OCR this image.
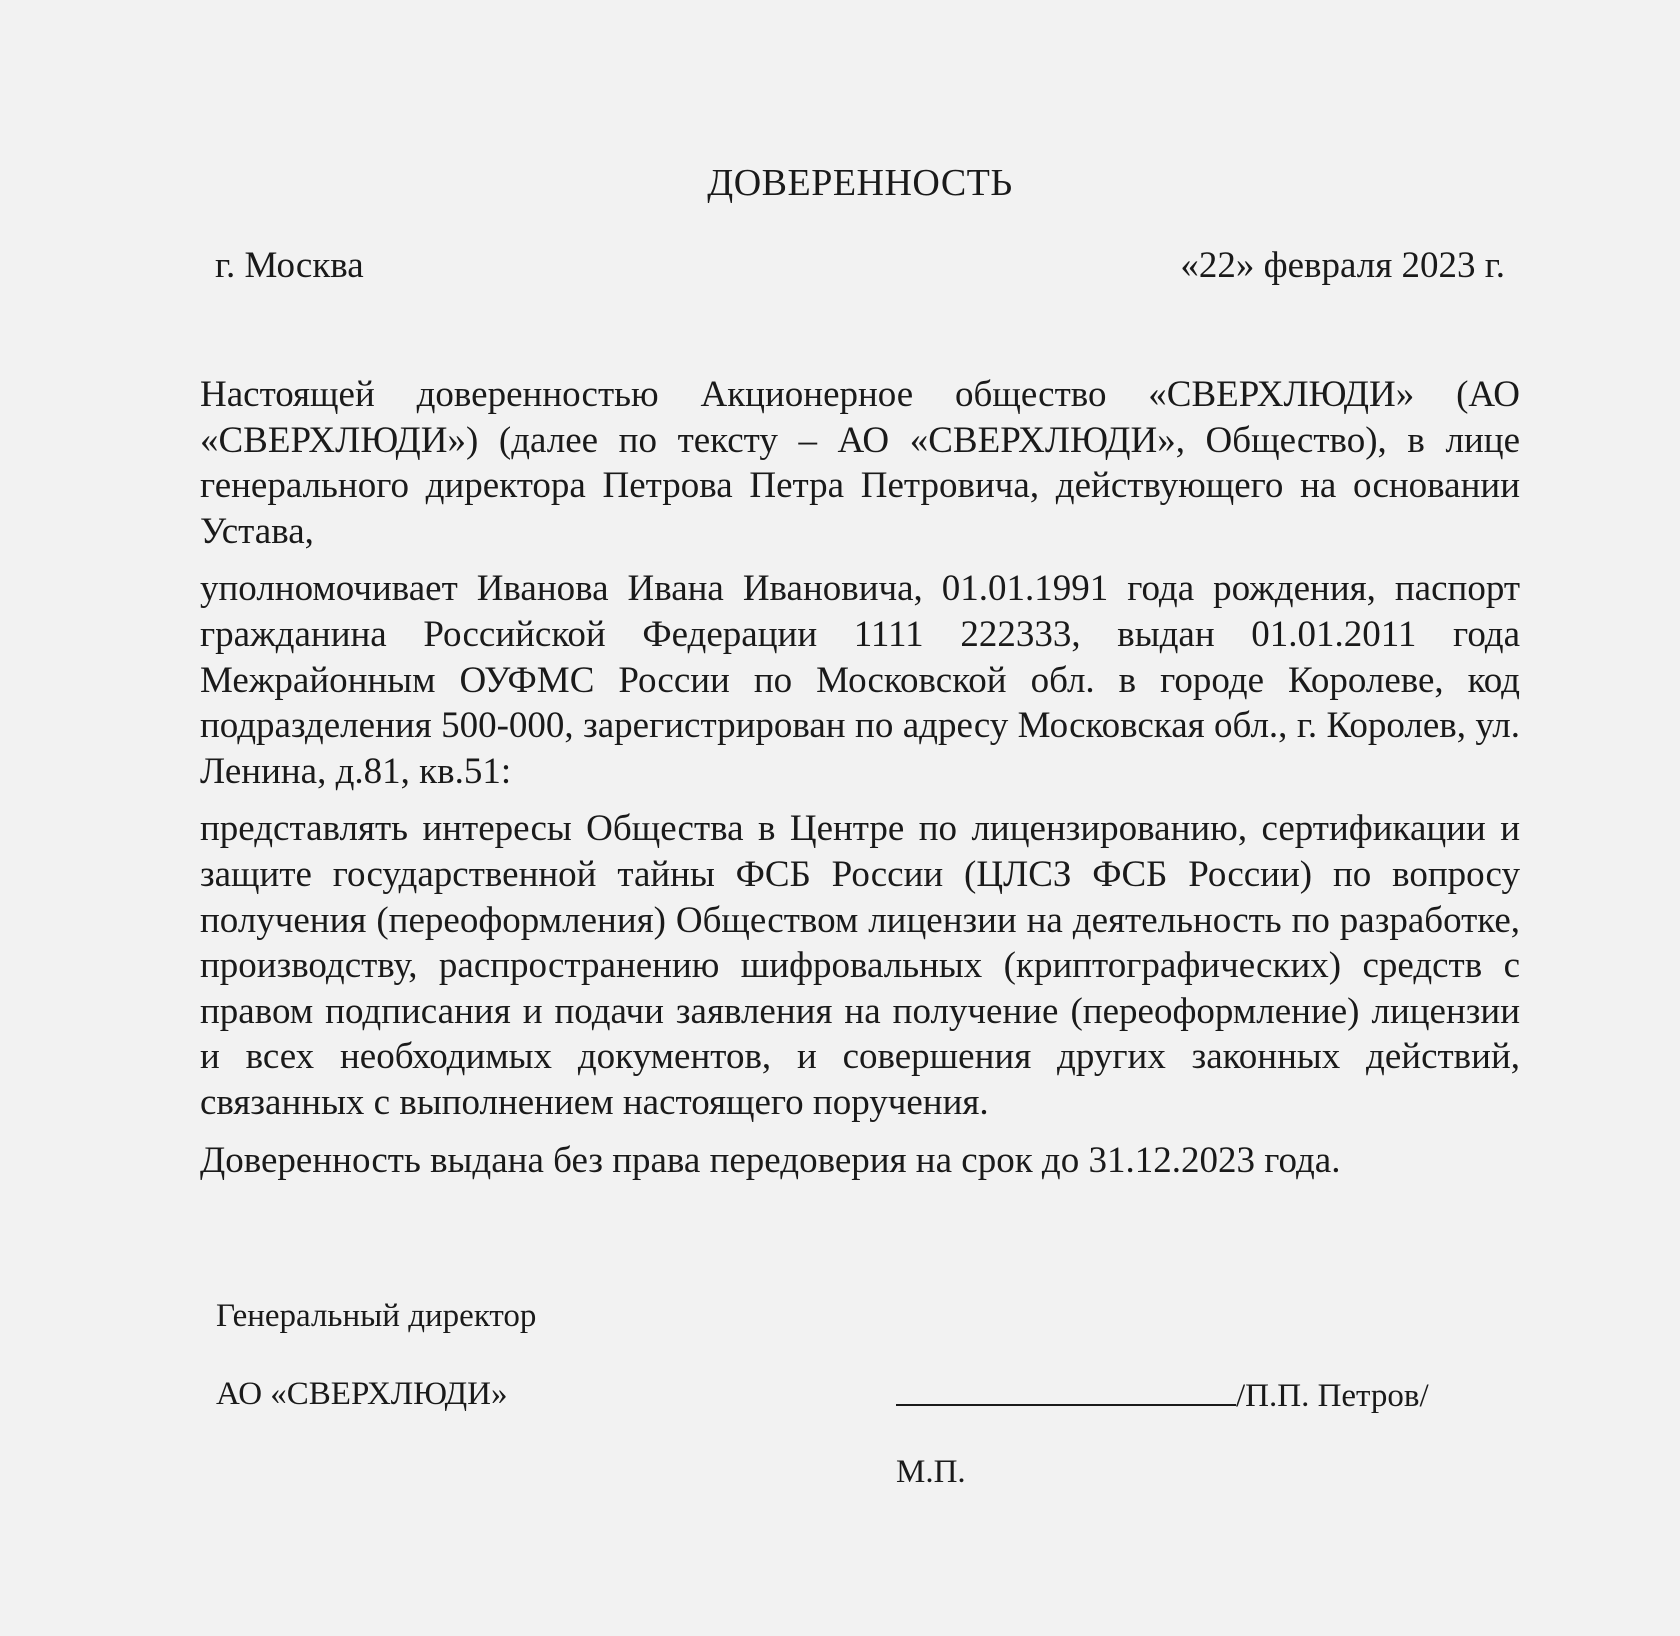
ДОВЕРЕННОСТЬ
г. Москва	«22» февраля 2023 г.

Настоящей доверенностью Акционерное общество «СВЕРХЛЮДИ» (АО «СВЕРХЛЮДИ») (далее по тексту – АО «СВЕРХЛЮДИ», Общество), в лице генерального директора Петрова Петра Петровича, действующего на основании Устава,

уполномочивает Иванова Ивана Ивановича, 01.01.1991 года рождения, паспорт гражданина Российской Федерации 1111 222333, выдан 01.01.2011 года Межрайонным ОУФМС России по Московской обл. в городе Королеве, код подразделения 500-000, зарегистрирован по адресу Московская обл., г. Королев, ул. Ленина, д.81, кв.51:

представлять интересы Общества в Центре по лицензированию, сертификации и защите государственной тайны ФСБ России (ЦЛСЗ ФСБ России) по вопросу получения (переоформления) Обществом лицензии на деятельность по разработке, производству, распространению шифровальных (криптографических) средств с правом подписания и подачи заявления на получение (переоформление) лицензии и всех необходимых документов, и совершения других законных действий, связанных с выполнением настоящего поручения.

Доверенность выдана без права передоверия на срок до 31.12.2023 года.

Генеральный директор
АО «СВЕРХЛЮДИ»	/П.П. Петров/
М.П.
